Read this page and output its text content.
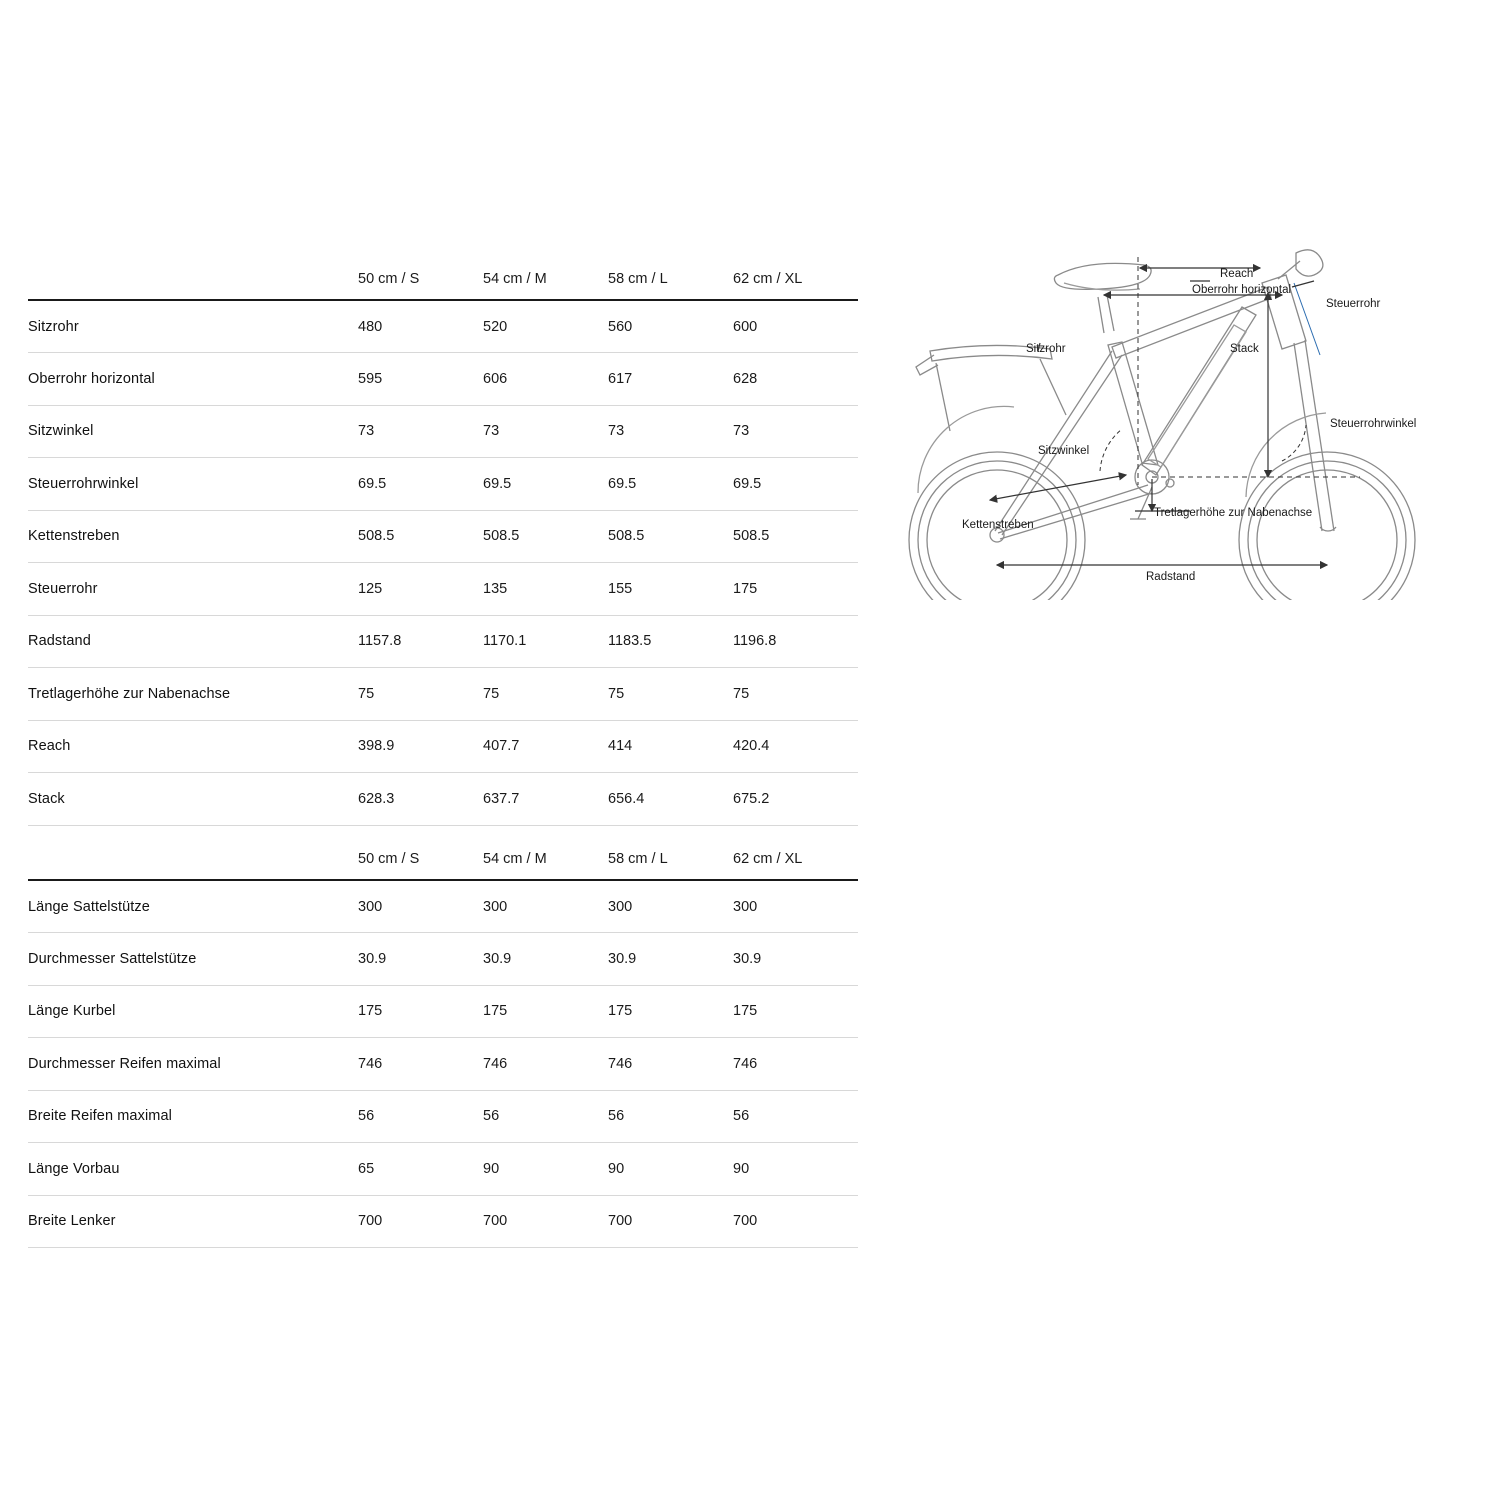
	50 cm / S	54 cm / M	58 cm / L	62 cm / XL
Sitzrohr	480	520	560	600
Oberrohr horizontal	595	606	617	628
Sitzwinkel	73	73	73	73
Steuerrohrwinkel	69.5	69.5	69.5	69.5
Kettenstreben	508.5	508.5	508.5	508.5
Steuerrohr	125	135	155	175
Radstand	1157.8	1170.1	1183.5	1196.8
Tretlagerhöhe zur Nabenachse	75	75	75	75
Reach	398.9	407.7	414	420.4
Stack	628.3	637.7	656.4	675.2
	50 cm / S	54 cm / M	58 cm / L	62 cm / XL
Länge Sattelstütze	300	300	300	300
Durchmesser Sattelstütze	30.9	30.9	30.9	30.9
Länge Kurbel	175	175	175	175
Durchmesser Reifen maximal	746	746	746	746
Breite Reifen maximal	56	56	56	56
Länge Vorbau	65	90	90	90
Breite Lenker	700	700	700	700
Reach
Oberrohr horizontal
Steuerrohr
Sitzrohr	Stack
Sitzwinkel
Steuerrohrwinkel
Kettenstreben
Tretlagerhöhe zur Nabenachse
Radstand
